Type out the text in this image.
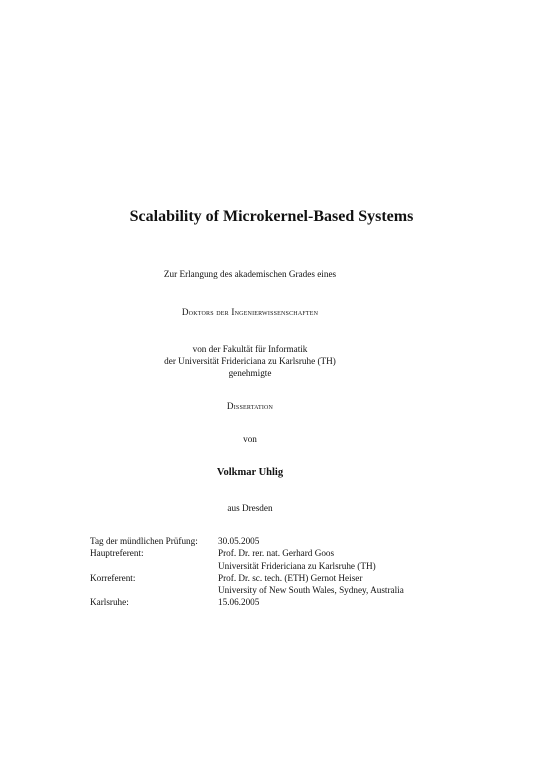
Scalability of Microkernel-Based Systems
Zur Erlangung des akademischen Grades eines
Doktors der Ingenierwissenschaften
von der Fakultät für Informatik
der Universität Fridericiana zu Karlsruhe (TH)
genehmigte
Dissertation
von
Volkmar Uhlig
aus Dresden
Tag der mündlichen Prüfung:	30.05.2005
Hauptreferent:	Prof. Dr. rer. nat. Gerhard Goos
Universität Fridericiana zu Karlsruhe (TH)
Korreferent:	Prof. Dr. sc. tech. (ETH) Gernot Heiser
University of New South Wales, Sydney, Australia
Karlsruhe:	15.06.2005
